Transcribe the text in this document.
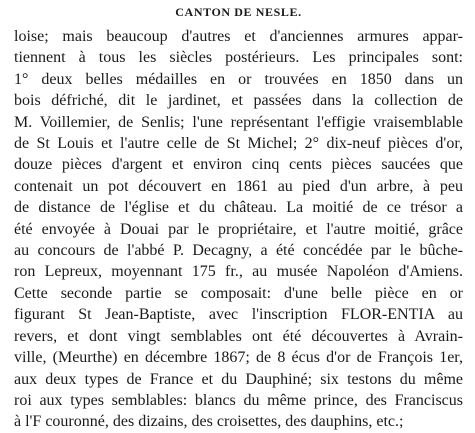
CANTON DE NESLE.
loise; mais beaucoup d'autres et d'anciennes armures appar-
tiennent à tous les siècles postérieurs. Les principales sont:
1° deux belles médailles en or trouvées en 1850 dans un
bois défriché, dit le jardinet, et passées dans la collection de
M. Voillemier, de Senlis; l'une représentant l'effigie vraisemblable
de St Louis et l'autre celle de St Michel; 2° dix-neuf pièces d'or,
douze pièces d'argent et environ cinq cents pièces saucées que
contenait un pot découvert en 1861 au pied d'un arbre, à peu
de distance de l'église et du château. La moitié de ce trésor a
été envoyée à Douai par le propriétaire, et l'autre moitié, grâce
au concours de l'abbé P. Decagny, a été concédée par le bûche-
ron Lepreux, moyennant 175 fr., au musée Napoléon d'Amiens.
Cette seconde partie se composait: d'une belle pièce en or
figurant St Jean-Baptiste, avec l'inscription FLOR-ENTIA au
revers, et dont vingt semblables ont été découvertes à Avrain-
ville, (Meurthe) en décembre 1867; de 8 écus d'or de François 1er,
aux deux types de France et du Dauphiné; six testons du même
roi aux types semblables: blancs du même prince, des Franciscus
à l'F couronné, des dizains, des croisettes, des dauphins, etc.;
